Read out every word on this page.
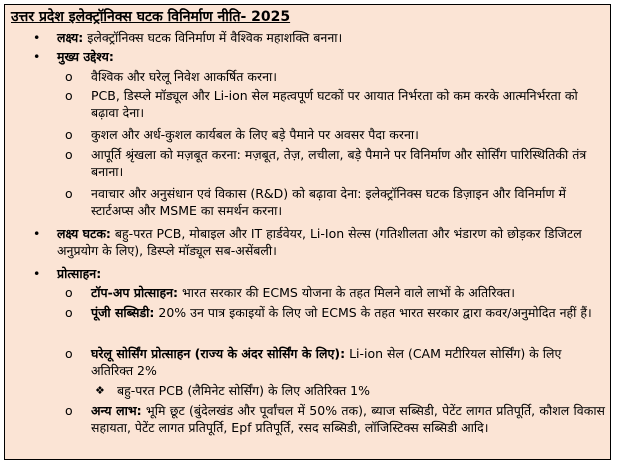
उत्तर प्रदेश इलेक्ट्रॉनिक्स घटक विनिर्माण नीति- 2025
• लक्ष्य: इलेक्ट्रॉनिक्स घटक विनिर्माण में वैश्विक महाशक्ति बनना।
• मुख्य उद्देश्य:
o वैश्विक और घरेलू निवेश आकर्षित करना।
o PCB, डिस्प्ले मॉड्यूल और Li-ion सेल महत्वपूर्ण घटकों पर आयात निर्भरता को कम करके आत्मनिर्भरता को बढ़ावा देना।
o कुशल और अर्ध-कुशल कार्यबल के लिए बड़े पैमाने पर अवसर पैदा करना।
o आपूर्ति श्रृंखला को मज़बूत करना: मज़बूत, तेज़, लचीला, बड़े पैमाने पर विनिर्माण और सोर्सिंग पारिस्थितिकी तंत्र बनाना।
o नवाचार और अनुसंधान एवं विकास (R&D) को बढ़ावा देना: इलेक्ट्रॉनिक्स घटक डिज़ाइन और विनिर्माण में स्टार्टअप्स और MSME का समर्थन करना।
• लक्ष्य घटक: बहु-परत PCB, मोबाइल और IT हार्डवेयर, Li-Ion सेल्स (गतिशीलता और भंडारण को छोड़कर डिजिटल अनुप्रयोग के लिए), डिस्प्ले मॉड्यूल सब-असेंबली।
• प्रोत्साहन:
o टॉप-अप प्रोत्साहन: भारत सरकार की ECMS योजना के तहत मिलने वाले लाभों के अतिरिक्त।
o पूंजी सब्सिडी: 20% उन पात्र इकाइयों के लिए जो ECMS के तहत भारत सरकार द्वारा कवर/अनुमोदित नहीं हैं।
o घरेलू सोर्सिंग प्रोत्साहन (राज्य के अंदर सोर्सिंग के लिए): Li-ion सेल (CAM मटीरियल सोर्सिंग) के लिए अतिरिक्त 2%
❖ बहु-परत PCB (लैमिनेट सोर्सिंग) के लिए अतिरिक्त 1%
o अन्य लाभ: भूमि छूट (बुंदेलखंड और पूर्वांचल में 50% तक), ब्याज सब्सिडी, पेटेंट लागत प्रतिपूर्ति, कौशल विकास सहायता, पेटेंट लागत प्रतिपूर्ति, Epf प्रतिपूर्ति, रसद सब्सिडी, लॉजिस्टिक्स सब्सिडी आदि।
